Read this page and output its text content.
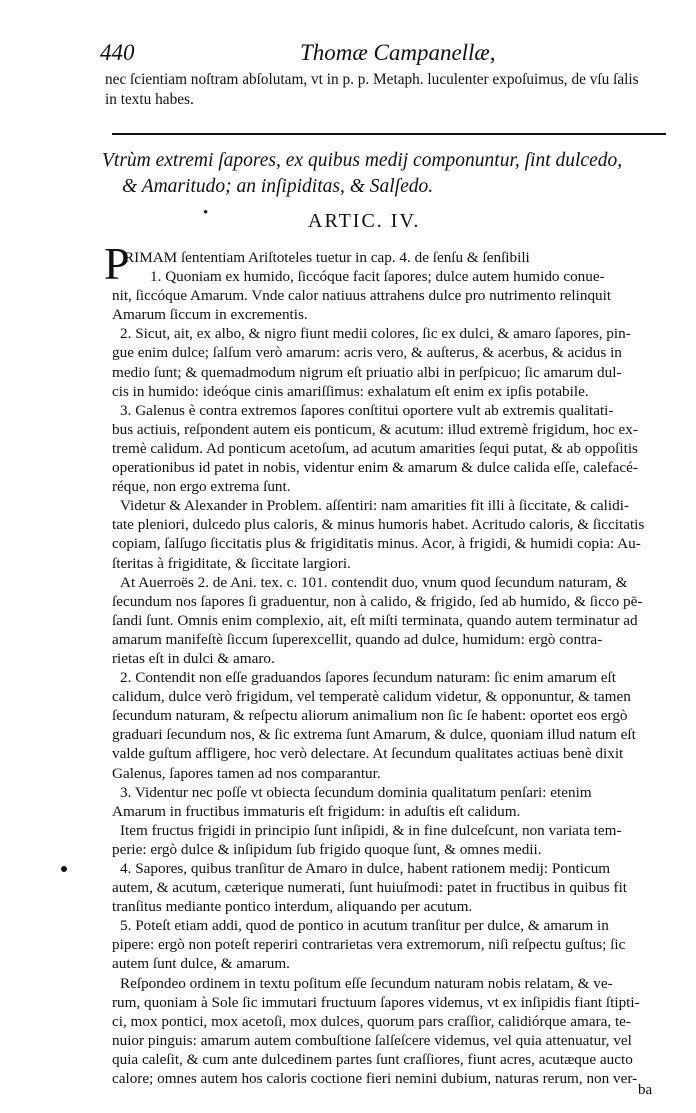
440	Thomæ Campanellæ,
nec ſcientiam noſtram abſolutam, vt in p. p. Metaph. luculenter expoſuimus, de vſu ſalis
in textu habes.
Vtrùm extremi ſapores, ex quibus medij componuntur, ſint dulcedo,
& Amaritudo; an inſipiditas, & Salſedo.
•	ARTIC. IV.
P
RIMAM ſententiam Ariſtoteles tuetur in cap. 4. de ſenſu & ſenſibili
1. Quoniam ex humido, ſiccóque facit ſapores; dulce autem humido conue-
nit, ſiccóque Amarum. Vnde calor natiuus attrahens dulce pro nutrimento relinquit
Amarum ſiccum in excrementis.
2. Sicut, ait, ex albo, & nigro fiunt medii colores, ſic ex dulci, & amaro ſapores, pin-
gue enim dulce; ſalſum verò amarum: acris vero, & auſterus, & acerbus, & acidus in
medio ſunt; & quemadmodum nigrum eſt priuatio albi in perſpicuo; ſic amarum dul-
cis in humido: ideóque cinis amariſſimus: exhalatum eſt enim ex ipſis potabile.
3. Galenus è contra extremos ſapores conſtitui oportere vult ab extremis qualitati-
bus actiuis, reſpondent autem eis ponticum, & acutum: illud extremè frigidum, hoc ex-
tremè calidum. Ad ponticum acetoſum, ad acutum amarities ſequi putat, & ab oppoſitis
operationibus id patet in nobis, videntur enim & amarum & dulce calida eſſe, calefacé-
réque, non ergo extrema ſunt.
Videtur & Alexander in Problem. aſſentiri: nam amarities fit illi à ſiccitate, & calidi-
tate pleniori, dulcedo plus caloris, & minus humoris habet. Acritudo caloris, & ſiccitatis
copiam, ſalſugo ſiccitatis plus & frigiditatis minus. Acor, à frigidi, & humidi copia: Au-
ſteritas à frigiditate, & ſiccitate largiori.
At Auerroës 2. de Ani. tex. c. 101. contendit duo, vnum quod ſecundum naturam, &
ſecundum nos ſapores ſi graduentur, non à calido, & frigido, ſed ab humido, & ſicco pē-
ſandi ſunt. Omnis enim complexio, ait, eſt miſti terminata, quando autem terminatur ad
amarum manifeſtè ſiccum ſuperexcellit, quando ad dulce, humidum: ergò contra-
rietas eſt in dulci & amaro.
2. Contendit non eſſe graduandos ſapores ſecundum naturam: ſic enim amarum eſt
calidum, dulce verò frigidum, vel temperatè calidum videtur, & opponuntur, & tamen
ſecundum naturam, & reſpectu aliorum animalium non ſic ſe habent: oportet eos ergò
graduari ſecundum nos, & ſic extrema ſunt Amarum, & dulce, quoniam illud natum eſt
valde guſtum affligere, hoc verò delectare. At ſecundum qualitates actiuas benè dixit
Galenus, ſapores tamen ad nos comparantur.
3. Videntur nec poſſe vt obiecta ſecundum dominia qualitatum penſari: etenim
Amarum in fructibus immaturis eſt frigidum: in aduſtis eſt calidum.
Item fructus frigidi in principio ſunt inſipidi, & in fine dulceſcunt, non variata tem-
perie: ergò dulce & inſipidum ſub frigido quoque ſunt, & omnes medii.
4. Sapores, quibus tranſitur de Amaro in dulce, habent rationem medij: Ponticum
autem, & acutum, cæterique numerati, ſunt huiuſmodi: patet in fructibus in quibus fit
tranſitus mediante pontico interdum, aliquando per acutum.
5. Poteſt etiam addi, quod de pontico in acutum tranſitur per dulce, & amarum in
pipere: ergò non poteſt reperiri contrarietas vera extremorum, niſi reſpectu guſtus; ſic
autem ſunt dulce, & amarum.
Reſpondeo ordinem in textu poſitum eſſe ſecundum naturam nobis relatam, & ve-
rum, quoniam à Sole ſic immutari fructuum ſapores videmus, vt ex inſipidis fiant ſtipti-
ci, mox pontici, mox acetoſi, mox dulces, quorum pars craſſior, calidiórque amara, te-
nuior pinguis: amarum autem combuſtione ſalſeſcere videmus, vel quia attenuatur, vel
quia caleſit, & cum ante dulcedinem partes ſunt craſſiores, fiunt acres, acutæque aucto
calore; omnes autem hos caloris coctione fieri nemini dubium, naturas rerum, non ver-
ba
